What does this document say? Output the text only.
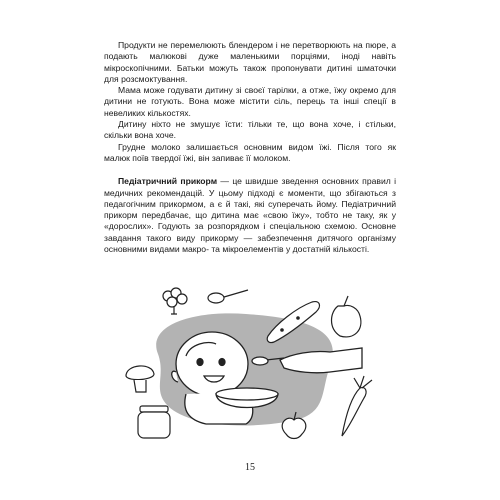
Продукти не перемелюють блендером і не перетворюють на пюре, а подають малюкові дуже маленькими порціями, іноді навіть мікроскопічними. Батьки можуть також пропонувати дитині шматочки для розсмоктування.

Мама може годувати дитину зі своєї тарілки, а отже, їжу окремо для дитини не готують. Вона може містити сіль, перець та інші спеції в невеликих кількостях.

Дитину ніхто не змушує їсти: тільки те, що вона хоче, і стільки, скільки вона хоче.

Грудне молоко залишається основним видом їжі. Після того як малюк поїв твердої їжі, він запиває її молоком.

Педіатричний прикорм — це швидше зведення основних правил і медичних рекомендацій. У цьому підході є моменти, що збігаються з педагогічним прикормом, а є й такі, які суперечать йому. Педіатричний прикорм передбачає, що дитина має «свою їжу», тобто не таку, як у «дорослих». Годують за розпорядком і спеціальною схемою. Основне завдання такого виду прикорму — забезпечення дитячого організму основними видами макро- та мікроелементів у достатній кількості.

15
